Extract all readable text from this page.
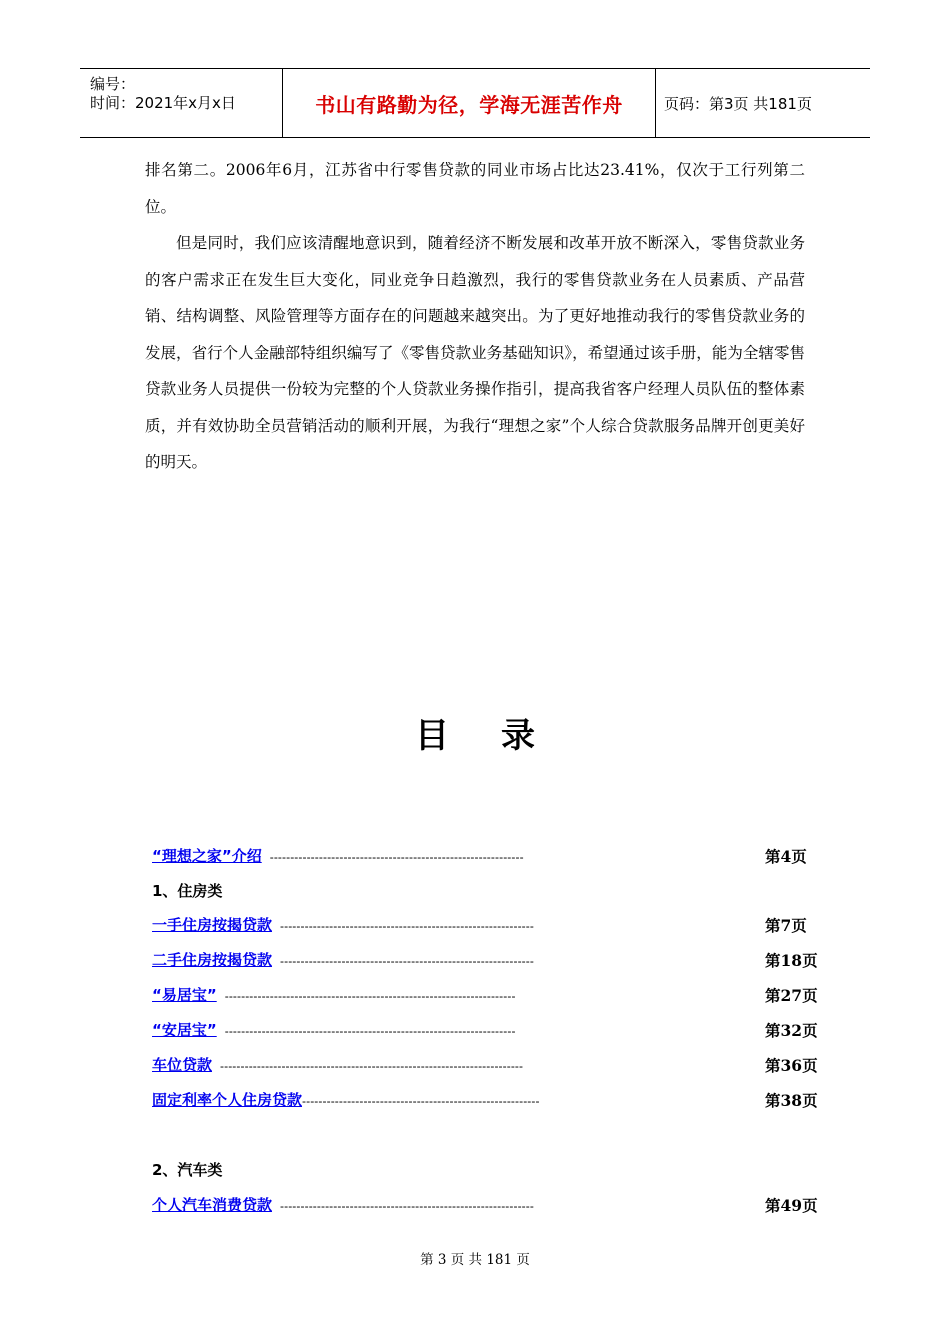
编号：
时间：2021年x月x日	书山有路勤为径，学海无涯苦作舟	页码：第3页 共181页
排名第二。2006年6月，江苏省中行零售贷款的同业市场占比达23.41%，仅次于工行列第二位。
但是同时，我们应该清醒地意识到，随着经济不断发展和改革开放不断深入，零售贷款业务的客户需求正在发生巨大变化，同业竞争日趋激烈，我行的零售贷款业务在人员素质、产品营销、结构调整、风险管理等方面存在的问题越来越突出。为了更好地推动我行的零售贷款业务的发展，省行个人金融部特组织编写了《零售贷款业务基础知识》，希望通过该手册，能为全辖零售贷款业务人员提供一份较为完整的个人贷款业务操作指引，提高我省客户经理人员队伍的整体素质，并有效协助全员营销活动的顺利开展，为我行“理想之家”个人综合贷款服务品牌开创更美好的明天。
目录
“理想之家”介绍 --------------------------------------------------------------	第4页
1、住房类
一手住房按揭贷款 --------------------------------------------------------------	第7页
二手住房按揭贷款 --------------------------------------------------------------	第18页
“易居宝” -----------------------------------------------------------------------	第27页
“安居宝” -----------------------------------------------------------------------	第32页
车位贷款 --------------------------------------------------------------------------	第36页
固定利率个人住房贷款----------------------------------------------------------	第38页
2、汽车类
个人汽车消费贷款 --------------------------------------------------------------	第49页
第 3 页 共 181 页
